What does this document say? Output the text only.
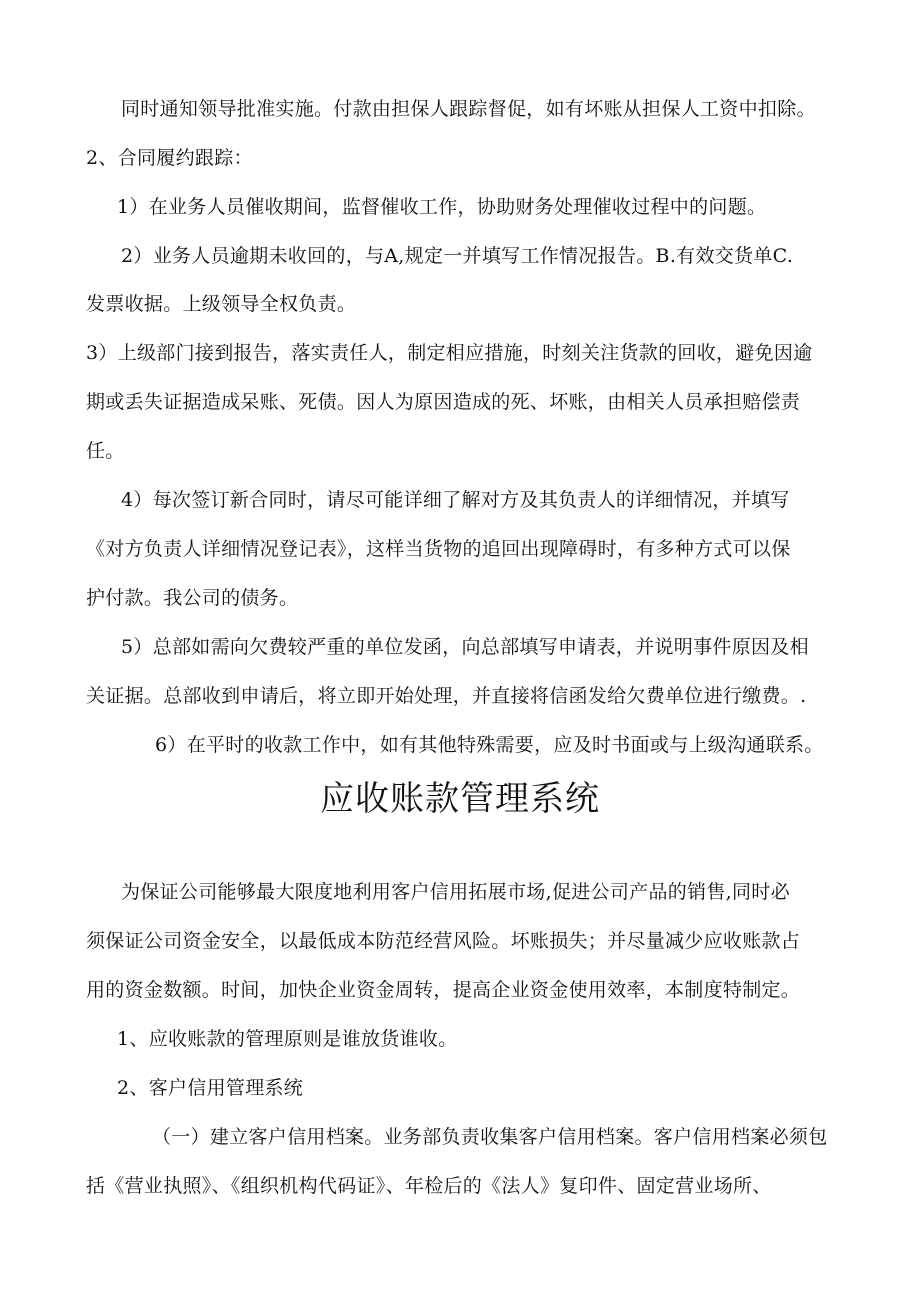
同时通知领导批准实施。付款由担保人跟踪督促，如有坏账从担保人工资中扣除。

2、合同履约跟踪：

1）在业务人员催收期间，监督催收工作，协助财务处理催收过程中的问题。

2）业务人员逾期未收回的，与A,规定一并填写工作情况报告。B.有效交货单C.

发票收据。上级领导全权负责。

3）上级部门接到报告，落实责任人，制定相应措施，时刻关注货款的回收，避免因逾

期或丢失证据造成呆账、死债。因人为原因造成的死、坏账，由相关人员承担赔偿责

任。

4）每次签订新合同时，请尽可能详细了解对方及其负责人的详细情况，并填写

《对方负责人详细情况登记表》，这样当货物的追回出现障碍时，有多种方式可以保

护付款。我公司的债务。

5）总部如需向欠费较严重的单位发函，向总部填写申请表，并说明事件原因及相

关证据。总部收到申请后，将立即开始处理，并直接将信函发给欠费单位进行缴费。.

6）在平时的收款工作中，如有其他特殊需要，应及时书面或与上级沟通联系。

应收账款管理系统

为保证公司能够最大限度地利用客户信用拓展市场,促进公司产品的销售,同时必

须保证公司资金安全，以最低成本防范经营风险。坏账损失；并尽量减少应收账款占

用的资金数额。时间，加快企业资金周转，提高企业资金使用效率，本制度特制定。

1、应收账款的管理原则是谁放货谁收。

2、客户信用管理系统

（一）建立客户信用档案。业务部负责收集客户信用档案。客户信用档案必须包

括《营业执照》、《组织机构代码证》、年检后的《法人》复印件、固定营业场所、
